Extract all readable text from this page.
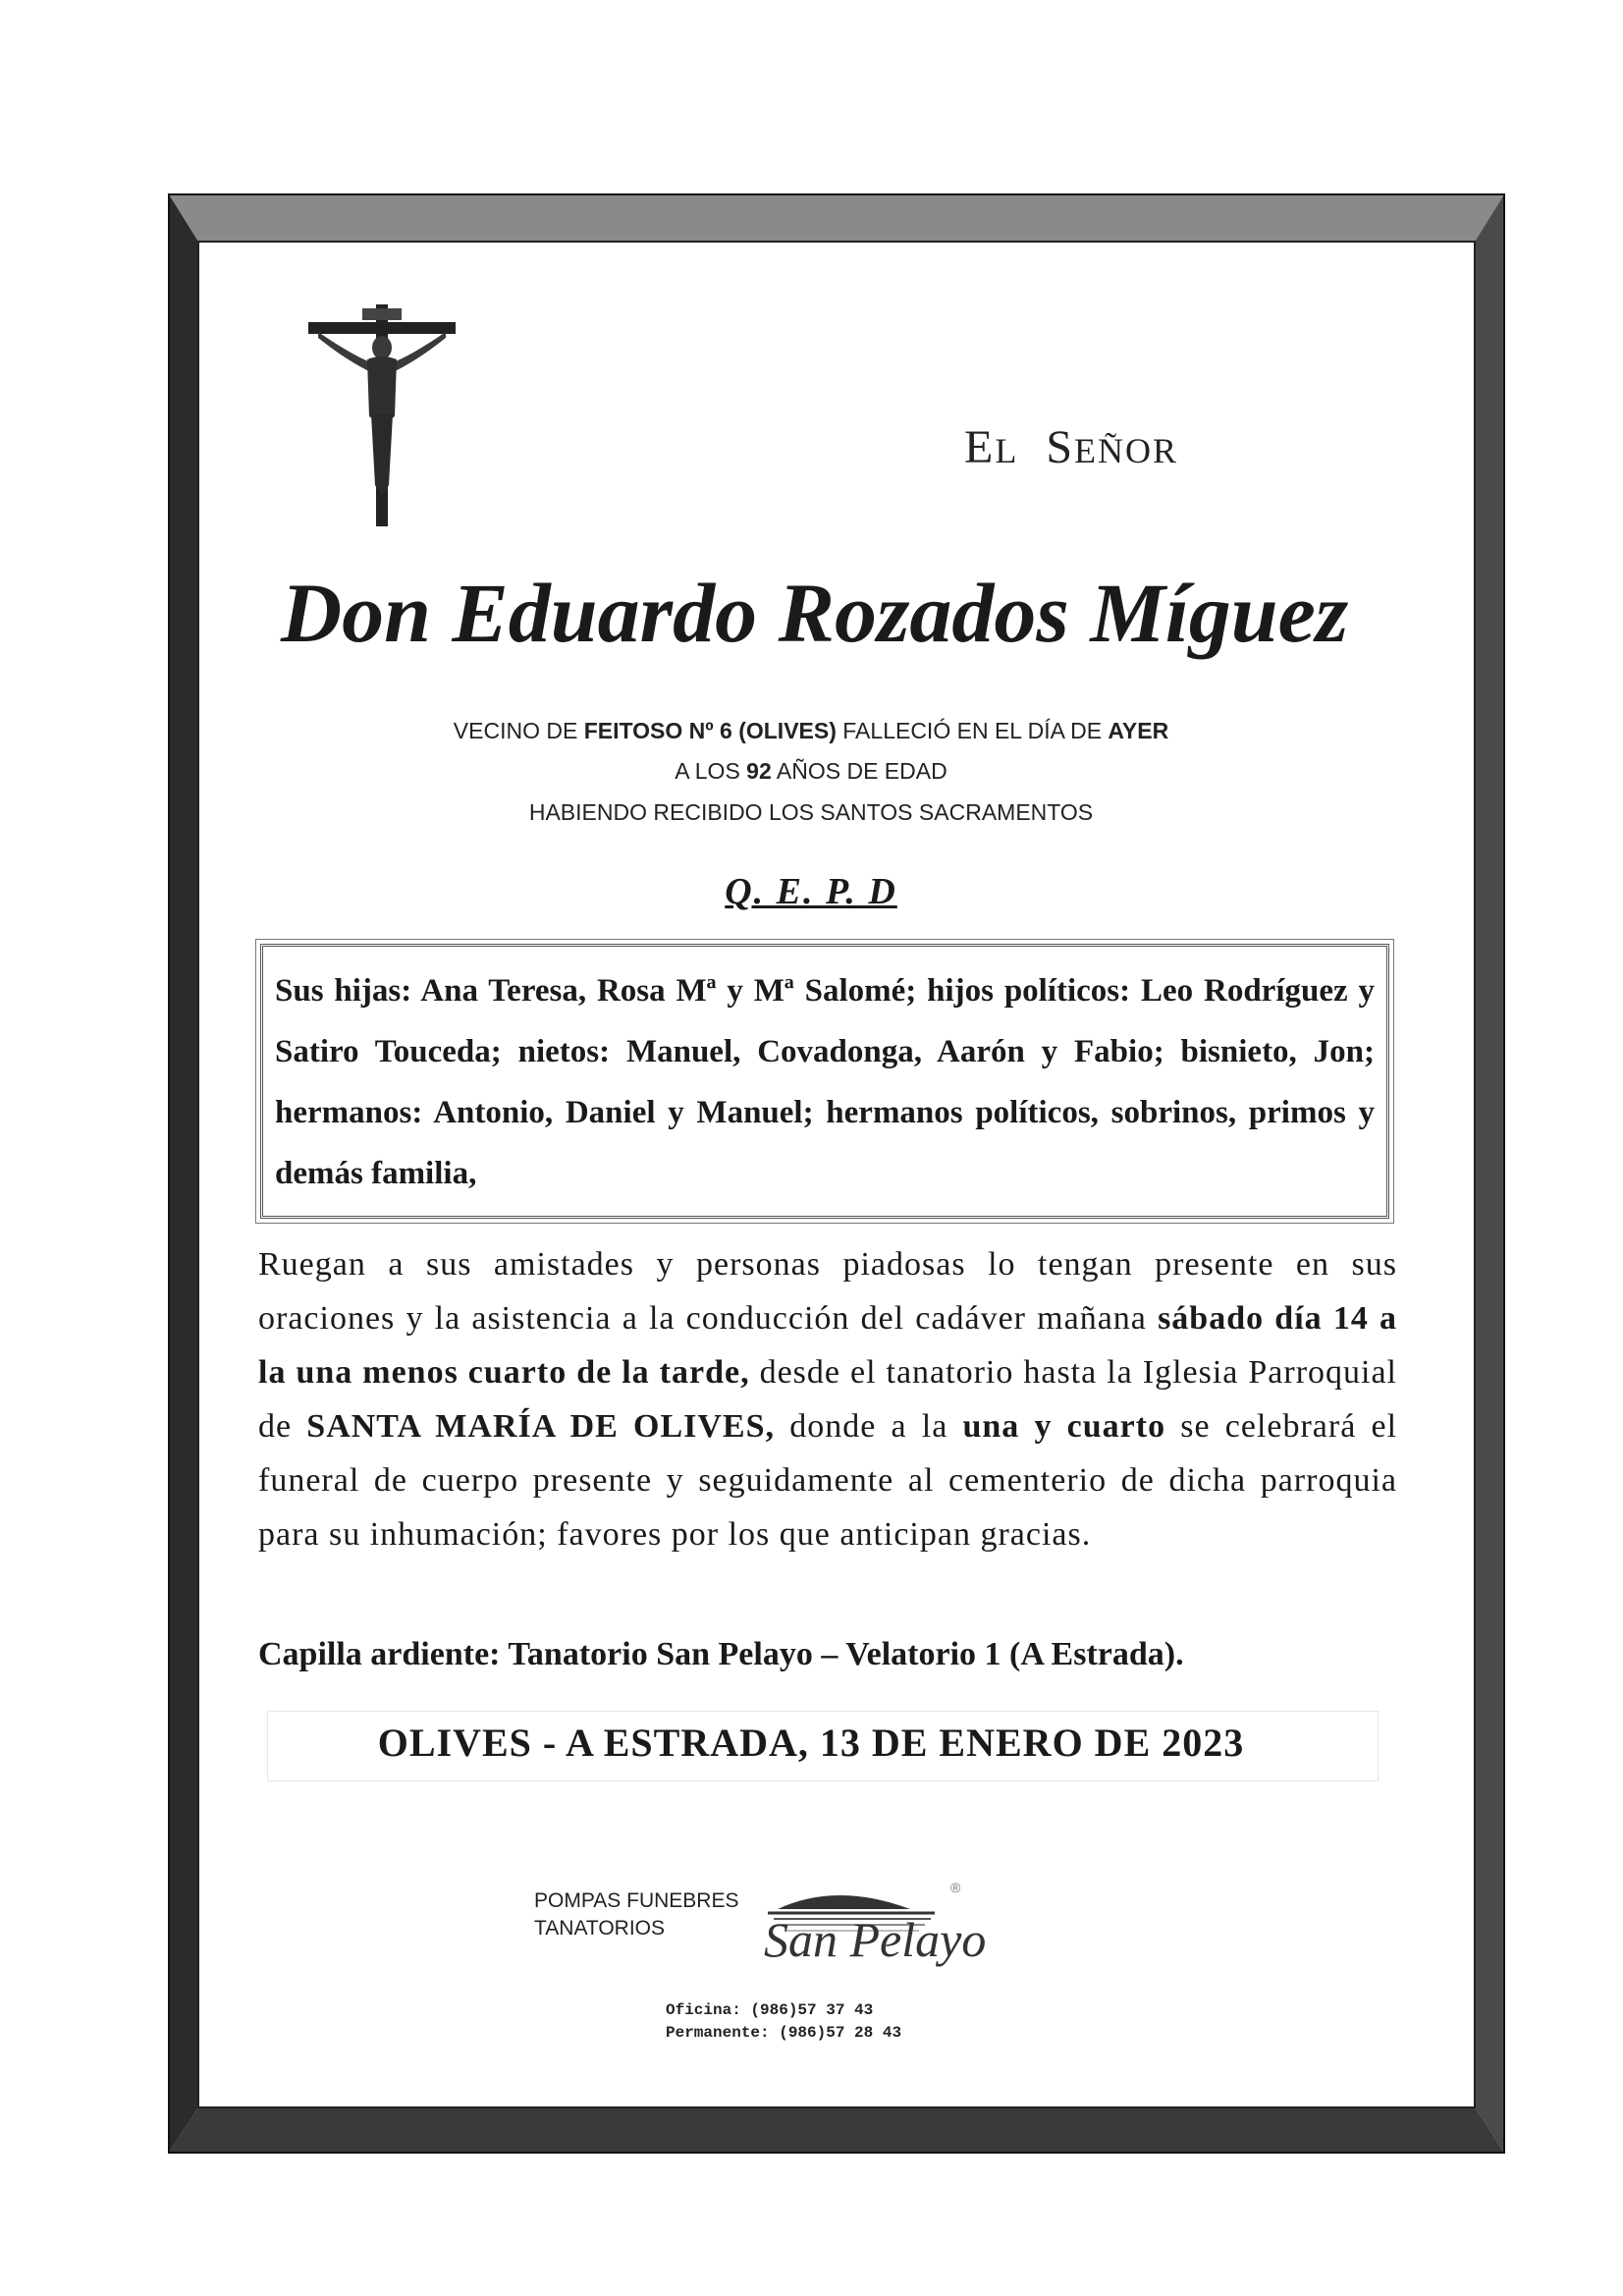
EL SEÑOR
Don Eduardo Rozados Míguez
VECINO DE FEITOSO Nº 6 (OLIVES) FALLECIÓ EN EL DÍA DE AYER
A LOS 92 AÑOS DE EDAD
HABIENDO RECIBIDO LOS SANTOS SACRAMENTOS
Q. E. P. D
Sus hijas: Ana Teresa, Rosa Mª y Mª Salomé; hijos políticos: Leo Rodríguez y Satiro Touceda; nietos: Manuel, Covadonga, Aarón y Fabio; bisnieto, Jon; hermanos: Antonio, Daniel y Manuel; hermanos políticos, sobrinos, primos y demás familia,
Ruegan a sus amistades y personas piadosas lo tengan presente en sus oraciones y la asistencia a la conducción del cadáver mañana sábado día 14 a la una menos cuarto de la tarde, desde el tanatorio hasta la Iglesia Parroquial de SANTA MARÍA DE OLIVES, donde a la una y cuarto se celebrará el funeral de cuerpo presente y seguidamente al cementerio de dicha parroquia para su inhumación; favores por los que anticipan gracias.
Capilla ardiente: Tanatorio San Pelayo – Velatorio 1 (A Estrada).
OLIVES - A ESTRADA, 13 DE ENERO DE 2023
POMPAS FUNEBRES
TANATORIOS	San Pelayo
®
Oficina: (986)57 37 43
Permanente: (986)57 28 43
